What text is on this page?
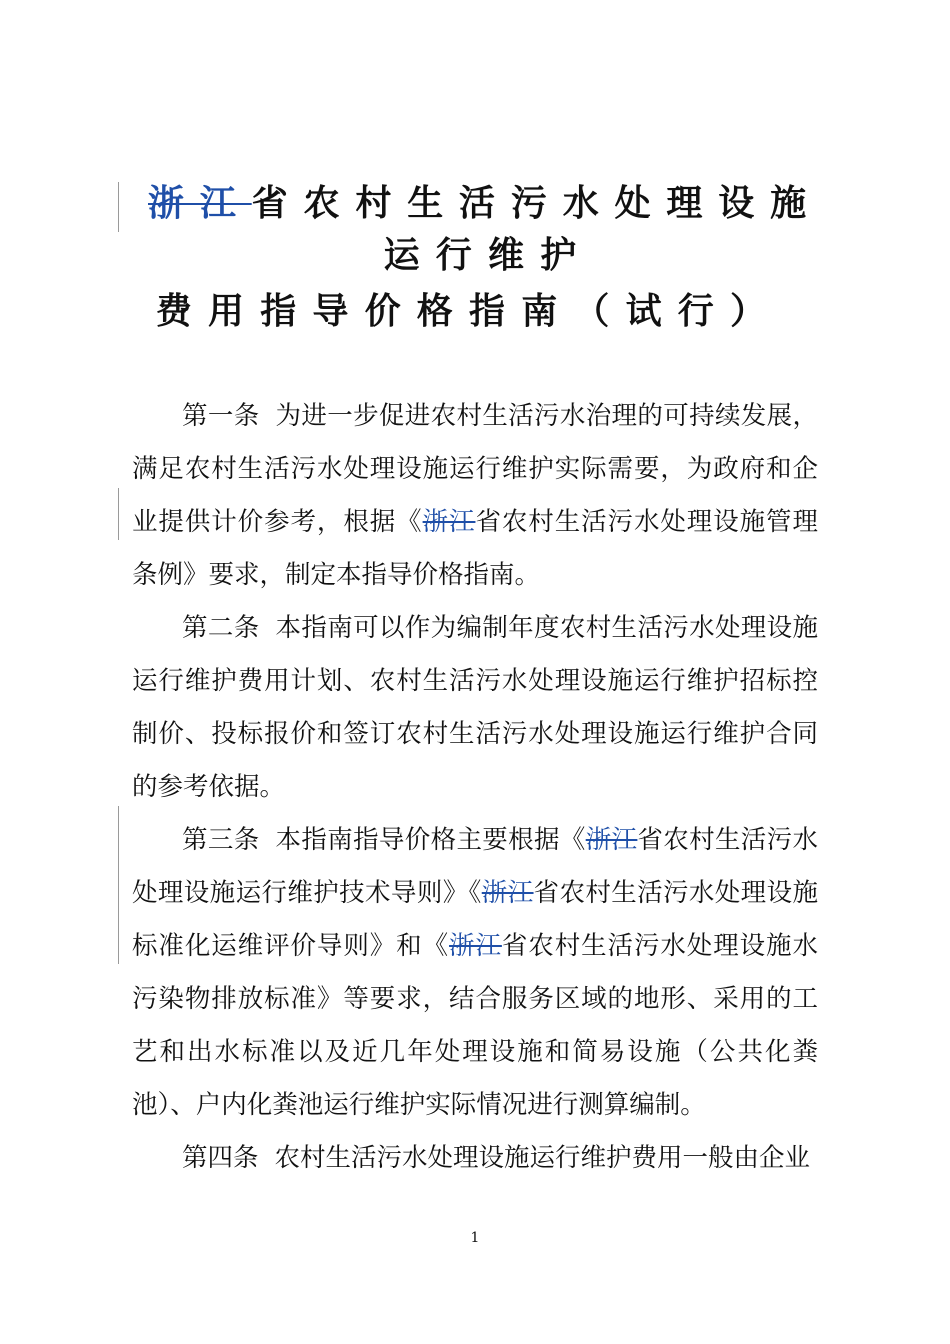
浙江省农村生活污水处理设施
运行维护
费用指导价格指南（试行）

第一条 为进一步促进农村生活污水治理的可持续发展，满足农村生活污水处理设施运行维护实际需要，为政府和企业提供计价参考，根据《浙江省农村生活污水处理设施管理条例》要求，制定本指导价格指南。

第二条 本指南可以作为编制年度农村生活污水处理设施运行维护费用计划、农村生活污水处理设施运行维护招标控制价、投标报价和签订农村生活污水处理设施运行维护合同的参考依据。

第三条 本指南指导价格主要根据《浙江省农村生活污水处理设施运行维护技术导则》《浙江省农村生活污水处理设施标准化运维评价导则》和《浙江省农村生活污水处理设施水污染物排放标准》等要求，结合服务区域的地形、采用的工艺和出水标准以及近几年处理设施和简易设施（公共化粪池）、户内化粪池运行维护实际情况进行测算编制。

第四条 农村生活污水处理设施运行维护费用一般由企业

1
